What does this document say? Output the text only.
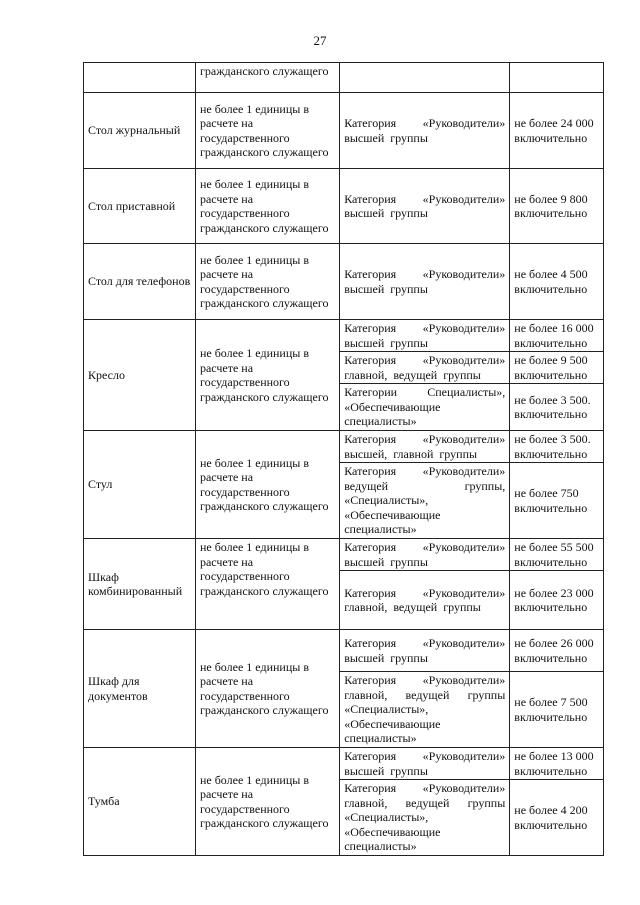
27
	гражданского служащего		
Стол журнальный	не более 1 единицы в расчете на государственного гражданского служащего	Категория «Руководители» высшей группы	не более 24 000 включительно
Стол приставной	не более 1 единицы в расчете на государственного гражданского служащего	Категория «Руководители» высшей группы	не более 9 800 включительно
Стол для телефонов	не более 1 единицы в расчете на государственного гражданского служащего	Категория «Руководители» высшей группы	не более 4 500 включительно
Кресло	не более 1 единицы в расчете на государственного гражданского служащего	Категория «Руководители» высшей группы	не более 16 000 включительно
		Категория «Руководители» главной, ведущей группы	не более 9 500 включительно
		Категории Специалисты», «Обеспечивающие специалисты»	не более 3 500. включительно
Стул	не более 1 единицы в расчете на государственного гражданского служащего	Категория «Руководители» высшей, главной группы	не более 3 500. включительно
		Категория «Руководители» ведущей группы, «Специалисты», «Обеспечивающие специалисты»	не более 750 включительно
Шкаф комбинированный	не более 1 единицы в расчете на государственного гражданского служащего	Категория «Руководители» высшей группы	не более 55 500 включительно
		Категория «Руководители» главной, ведущей группы	не более 23 000 включительно
Шкаф для документов	не более 1 единицы в расчете на государственного гражданского служащего	Категория «Руководители» высшей группы	не более 26 000 включительно
		Категория «Руководители» главной, ведущей группы «Специалисты», «Обеспечивающие специалисты»	не более 7 500 включительно
Тумба	не более 1 единицы в расчете на государственного гражданского служащего	Категория «Руководители» высшей группы	не более 13 000 включительно
		Категория «Руководители» главной, ведущей группы «Специалисты», «Обеспечивающие специалисты»	не более 4 200 включительно
